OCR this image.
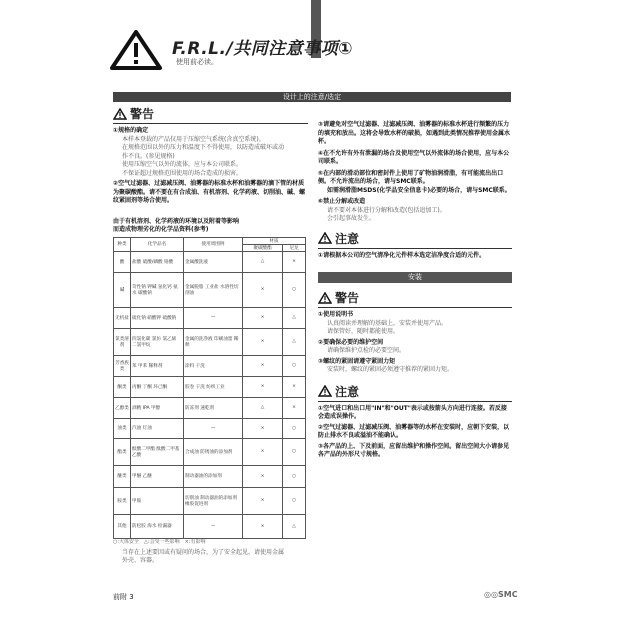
F.R.L./共同注意事项①
使用前必读。
设计上的注意/选定
警告
①规格的确定
本样本登载的产品仅用于压缩空气系统(含真空系统)。
在规格范围以外的压力和温度下不得使用，以防造成破坏或动
作不良。(参见规格)
使用压缩空气以外的流体，应与本公司联系。
不保证超过规格范围使用的场合造成的损害。
②空气过滤器、过滤减压阀、油雾器的标准水杯和油雾器的滴下管的材质为聚碳酸酯。请不要在有合成油、有机溶剂、化学药液、切削油、碱、螺纹紧固剂等场合使用。
由于有机溶剂、化学药液的环境以及附着等影响
而造成物理劣化的化学品资料(参考)
种类	化学品名	使用周围例	材质	
			聚碳酸酯	尼龙
酸	盐酸 硫酸/磷酸 铬酸	金属酸洗液	△	×
碱	苛性钠 钾碱 氢化钙 氨水 碳酸钠	金属脱脂 工业盐 水溶性切削油	×	○
无机盐	硫化钠 硝酸钾 硫酸钠	—	×	△
氯类溶剂	四氯化碳 氯仿 氯乙烯 二氯甲烷	金属的洗净液 印刷油墨 稀释	×	△
芳香族类	苯 甲苯 稀释剂	涂料 干洗	×	○
酮类	丙酮 丁酮 环己酮	胶卷 干洗 纺织工业	×	×
乙醇类	酒精 IPA 甲醇	防冻剂 速乾剂	△	×
油类	汽油 灯油	—	×	○
酯类	酞酸二甲酯 酞酸二甲基 乙酸	合成油 防锈油的添加剂	×	○
醚类	甲醚 乙醚	制动器油的添加剂	×	○
胺类	甲胺	切削油 制动器油的添加剂 橡胶促进剂	×	○
其他	防松胶 海水 检漏器	—	×	△
○:大体安全　△:会受一些影响　×:有影响
当存在上述要因或有疑问的场合，为了安全起见，请使用金属
外壳、容器。
③请避免对空气过滤器、过滤减压阀、油雾器的标准水杯进行频繁的压力的填充和放出。这将会导致水杯的破损，如遇到此类情况推荐使用金属水杯。
④在不允许有外有泄漏的场合及使用空气以外流体的场合使用，应与本公司联系。
⑤在内部的滑动部位和密封件上使用了矿物油润滑脂，有可能流出出口侧。不允许流出的场合，请与SMC联系。
如需润滑脂MSDS(化学品安全信息卡)必要的场合，请与SMC联系。
⑥禁止分解或改造
请不要对本体进行分解和改造(包括追加工)。
会引起事故发生。
注意
①请根据本公司的空气清净化元件样本选定洁净度合适的元件。
安装
警告
①使用说明书
认真阅读并理解的基础上，安装并使用产品。
请保管好，随时都能使用。
②要确保必要的维护空间
请确保维护点检的必要空间。
③螺纹的紧固请遵守紧固力矩
安装时，螺纹的紧固必须遵守推荐的紧固力矩。
注意
①空气进口和出口用"IN"和"OUT"表示或按箭头方向进行连接。若反接会造成误操作。
②空气过滤器、过滤减压阀、油雾器等的水杯在安装时，应朝下安装，以防止排水不良或溢油不能确认。
③各产品的上、下及前面，应留出维护和操作空间。留出空间大小请参见各产品的外形尺寸规格。
前附 3	◎◎SMC
